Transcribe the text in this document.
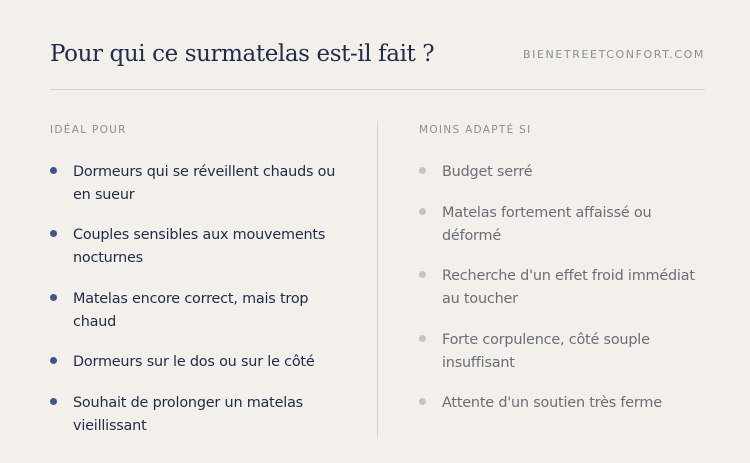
Pour qui ce surmatelas est-il fait ?	BIENETREETCONFORT.COM
IDÉAL POUR
Dormeurs qui se réveillent chauds ou en sueur
Couples sensibles aux mouvements nocturnes
Matelas encore correct, mais trop chaud
Dormeurs sur le dos ou sur le côté
Souhait de prolonger un matelas vieillissant
MOINS ADAPTÉ SI
Budget serré
Matelas fortement affaissé ou déformé
Recherche d'un effet froid immédiat au toucher
Forte corpulence, côté souple insuffisant
Attente d'un soutien très ferme
